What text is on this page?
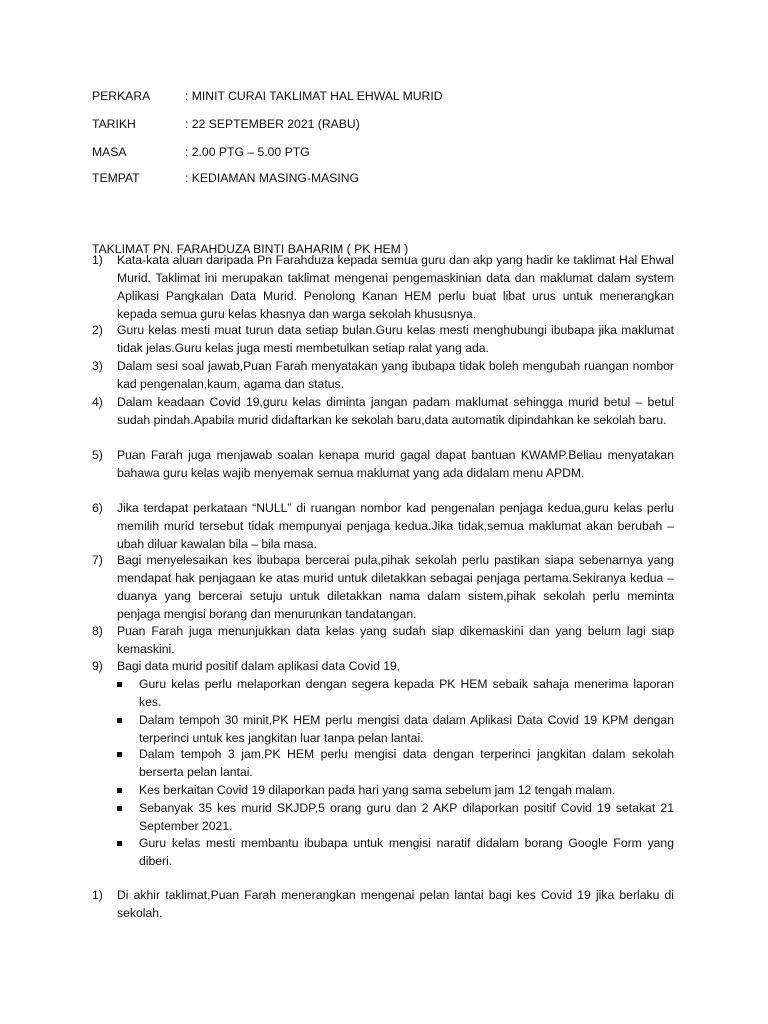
PERKARA	: MINIT CURAI TAKLIMAT HAL EHWAL MURID
TARIKH	: 22 SEPTEMBER 2021 (RABU)
MASA	: 2.00 PTG – 5.00 PTG
TEMPAT	: KEDIAMAN MASING-MASING
TAKLIMAT PN. FARAHDUZA BINTI BAHARIM ( PK HEM )
1) Kata-kata aluan daripada Pn Farahduza kepada semua guru dan akp yang hadir ke taklimat Hal Ehwal Murid. Taklimat ini merupakan taklimat mengenai pengemaskinian data dan maklumat dalam system Aplikasi Pangkalan Data Murid. Penolong Kanan HEM perlu buat libat urus untuk menerangkan kepada semua guru kelas khasnya dan warga sekolah khususnya.
2) Guru kelas mesti muat turun data setiap bulan.Guru kelas mesti menghubungi ibubapa jika maklumat tidak jelas.Guru kelas juga mesti membetulkan setiap ralat yang ada.
3) Dalam sesi soal jawab,Puan Farah menyatakan yang ibubapa tidak boleh mengubah ruangan nombor kad pengenalan,kaum, agama dan status.
4) Dalam keadaan Covid 19,guru kelas diminta jangan padam maklumat sehingga murid betul – betul sudah pindah.Apabila murid didaftarkan ke sekolah baru,data automatik dipindahkan ke sekolah baru.
5) Puan Farah juga menjawab soalan kenapa murid gagal dapat bantuan KWAMP.Beliau menyatakan bahawa guru kelas wajib menyemak semua maklumat yang ada didalam menu APDM.
6) Jika terdapat perkataan “NULL” di ruangan nombor kad pengenalan penjaga kedua,guru kelas perlu memilih murid tersebut tidak mempunyai penjaga kedua.Jika tidak,semua maklumat akan berubah – ubah diluar kawalan bila – bila masa.
7) Bagi menyelesaikan kes ibubapa bercerai pula,pihak sekolah perlu pastikan siapa sebenarnya yang mendapat hak penjagaan ke atas murid untuk diletakkan sebagai penjaga pertama.Sekiranya kedua – duanya yang bercerai setuju untuk diletakkan nama dalam sistem,pihak sekolah perlu meminta penjaga mengisi borang dan menurunkan tandatangan.
8) Puan Farah juga menunjukkan data kelas yang sudah siap dikemaskini dan yang belum lagi siap kemaskini.
9) Bagi data murid positif dalam aplikasi data Covid 19,
Guru kelas perlu melaporkan dengan segera kepada PK HEM sebaik sahaja menerima laporan kes.
Dalam tempoh 30 minit,PK HEM perlu mengisi data dalam Aplikasi Data Covid 19 KPM dengan terperinci untuk kes jangkitan luar tanpa pelan lantai.
Dalam tempoh 3 jam,PK HEM perlu mengisi data dengan terperinci jangkitan dalam sekolah berserta pelan lantai.
Kes berkaitan Covid 19 dilaporkan pada hari yang sama sebelum jam 12 tengah malam.
Sebanyak 35 kes murid SKJDP,5 orang guru dan 2 AKP dilaporkan positif Covid 19 setakat 21 September 2021.
Guru kelas mesti membantu ibubapa untuk mengisi naratif didalam borang Google Form yang diberi.
1) Di akhir taklimat,Puan Farah menerangkan mengenai pelan lantai bagi kes Covid 19 jika berlaku di sekolah.
